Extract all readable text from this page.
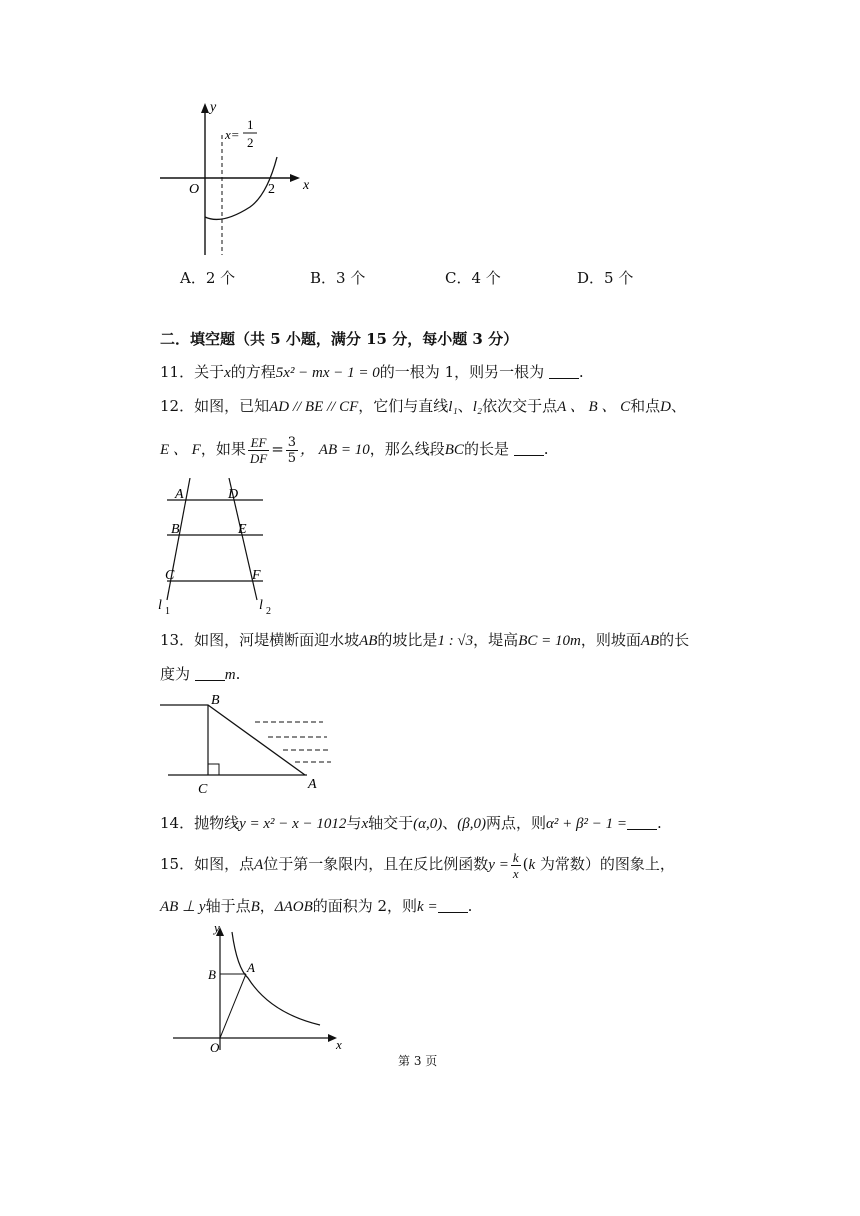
y
x
O	2
x=
1
2
A．2 个	B．3 个	C．4 个	D．5 个
二．填空题（共 5 小题，满分 15 分，每小题 3 分）
11．关于x的方程5x² − mx − 1 = 0的一根为 1，则另一根为 .
12．如图，已知AD // BE // CF，它们与直线l₁、l₂依次交于点A 、 B 、 C和点D、
E 、 F，如果 $\frac{EF}{DF} = \frac{3}{5}$ ， AB = 10，那么线段BC的长是 .
A	D
B	E
C	F
l 1	l 2
13．如图，河堤横断面迎水坡AB的坡比是1 : √3，堤高BC = 10m，则坡面AB的长
度为 m.
B
C	A
14．抛物线y = x² − x − 1012与x轴交于(α,0)、(β,0)两点，则α² + β² − 1 = .
15．如图，点A位于第一象限内，且在反比例函数$y = \frac{k}{x} (k$ 为常数）的图象上，
AB ⊥ y轴于点B，ΔAOB的面积为 2，则k = .
y
x
B A
O
第 3 页
